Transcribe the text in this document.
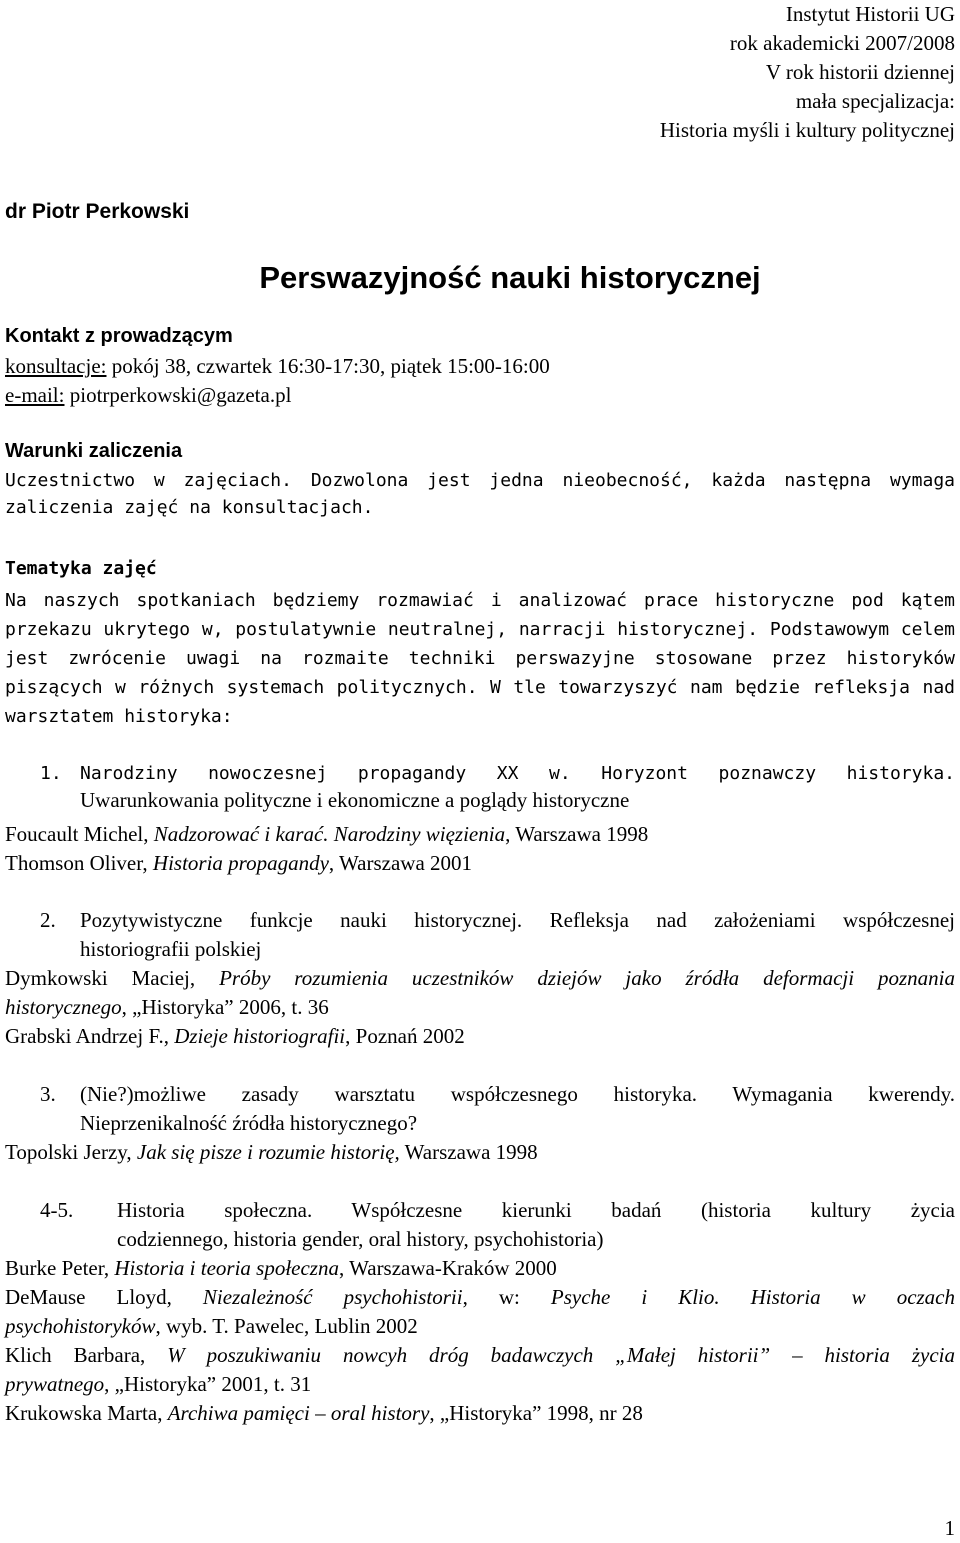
Instytut Historii UG
rok akademicki 2007/2008
V rok historii dziennej
mała specjalizacja:
Historia myśli i kultury politycznej
dr Piotr Perkowski
Perswazyjność nauki historycznej
Kontakt z prowadzącym
konsultacje: pokój 38, czwartek 16:30-17:30, piątek 15:00-16:00
e-mail: piotrperkowski@gazeta.pl
Warunki zaliczenia
Uczestnictwo w zajęciach. Dozwolona jest jedna nieobecność, każda następna wymaga
zaliczenia zajęć na konsultacjach.
Tematyka zajęć
Na naszych spotkaniach będziemy rozmawiać i analizować prace historyczne pod kątem
przekazu ukrytego w, postulatywnie neutralnej, narracji historycznej. Podstawowym celem
jest zwrócenie uwagi na rozmaite techniki perswazyjne stosowane przez historyków
piszących w różnych systemach politycznych. W tle towarzyszyć nam będzie refleksja nad
warsztatem historyka:
1. Narodziny nowoczesnej propagandy XX w. Horyzont poznawczy historyka.
Uwarunkowania polityczne i ekonomiczne a poglądy historyczne
Foucault Michel, Nadzorować i karać. Narodziny więzienia, Warszawa 1998
Thomson Oliver, Historia propagandy, Warszawa 2001
2. Pozytywistyczne funkcje nauki historycznej. Refleksja nad założeniami współczesnej
historiografii polskiej
Dymkowski Maciej, Próby rozumienia uczestników dziejów jako źródła deformacji poznania
historycznego, „Historyka” 2006, t. 36
Grabski Andrzej F., Dzieje historiografii, Poznań 2002
3. (Nie?)możliwe zasady warsztatu współczesnego historyka. Wymagania kwerendy.
Nieprzenikalność źródła historycznego?
Topolski Jerzy, Jak się pisze i rozumie historię, Warszawa 1998
4-5. Historia społeczna. Współczesne kierunki badań (historia kultury życia
codziennego, historia gender, oral history, psychohistoria)
Burke Peter, Historia i teoria społeczna, Warszawa-Kraków 2000
DeMause Lloyd, Niezależność psychohistorii, w: Psyche i Klio. Historia w oczach
psychohistoryków, wyb. T. Pawelec, Lublin 2002
Klich Barbara, W poszukiwaniu nowcyh dróg badawczych „Małej historii” – historia życia
prywatnego, „Historyka” 2001, t. 31
Krukowska Marta, Archiwa pamięci – oral history, „Historyka” 1998, nr 28
1
